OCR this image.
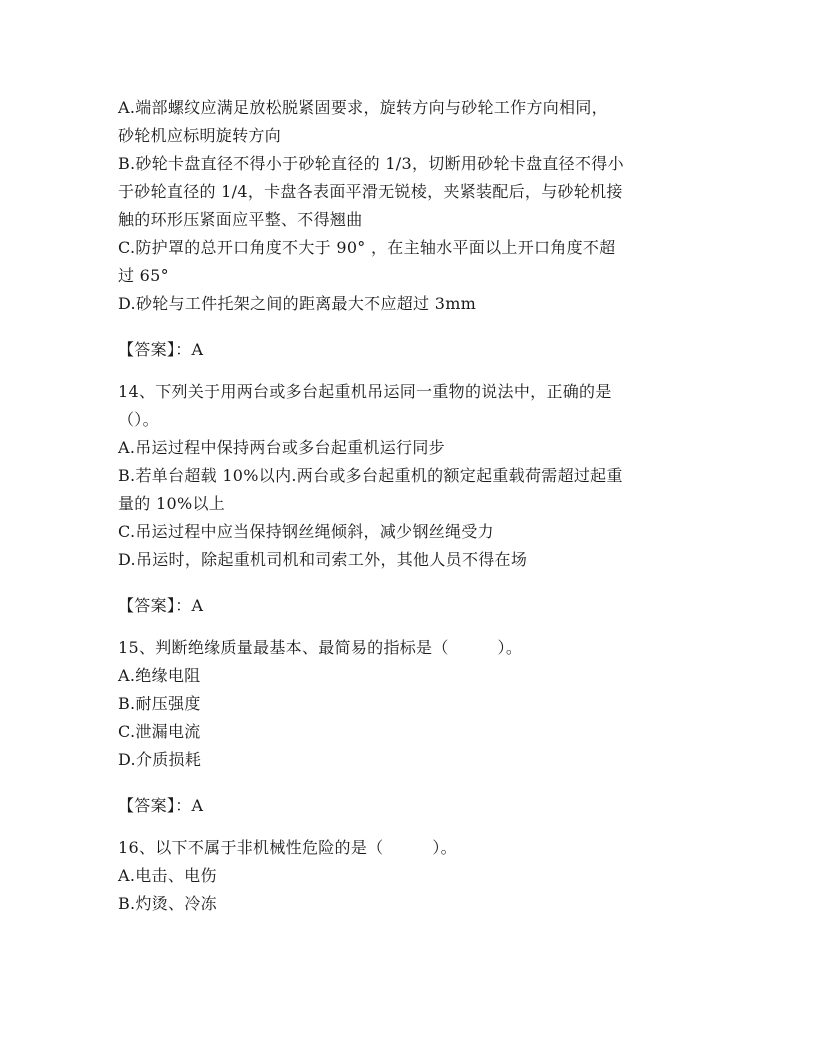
A.端部螺纹应满足放松脱紧固要求，旋转方向与砂轮工作方向相同，
砂轮机应标明旋转方向
B.砂轮卡盘直径不得小于砂轮直径的 1/3，切断用砂轮卡盘直径不得小
于砂轮直径的 1/4，卡盘各表面平滑无锐棱，夹紧装配后，与砂轮机接
触的环形压紧面应平整、不得翘曲
C.防护罩的总开口角度不大于 90° ，在主轴水平面以上开口角度不超
过 65°
D.砂轮与工件托架之间的距离最大不应超过 3mm
【答案】：A
14、下列关于用两台或多台起重机吊运同一重物的说法中，正确的是
（）。
A.吊运过程中保持两台或多台起重机运行同步
B.若单台超载 10%以内.两台或多台起重机的额定起重载荷需超过起重
量的 10%以上
C.吊运过程中应当保持钢丝绳倾斜，减少钢丝绳受力
D.吊运时，除起重机司机和司索工外，其他人员不得在场
【答案】：A
15、判断绝缘质量最基本、最简易的指标是（　　　）。
A.绝缘电阻
B.耐压强度
C.泄漏电流
D.介质损耗
【答案】：A
16、以下不属于非机械性危险的是（　　　）。
A.电击、电伤
B.灼烫、冷冻
